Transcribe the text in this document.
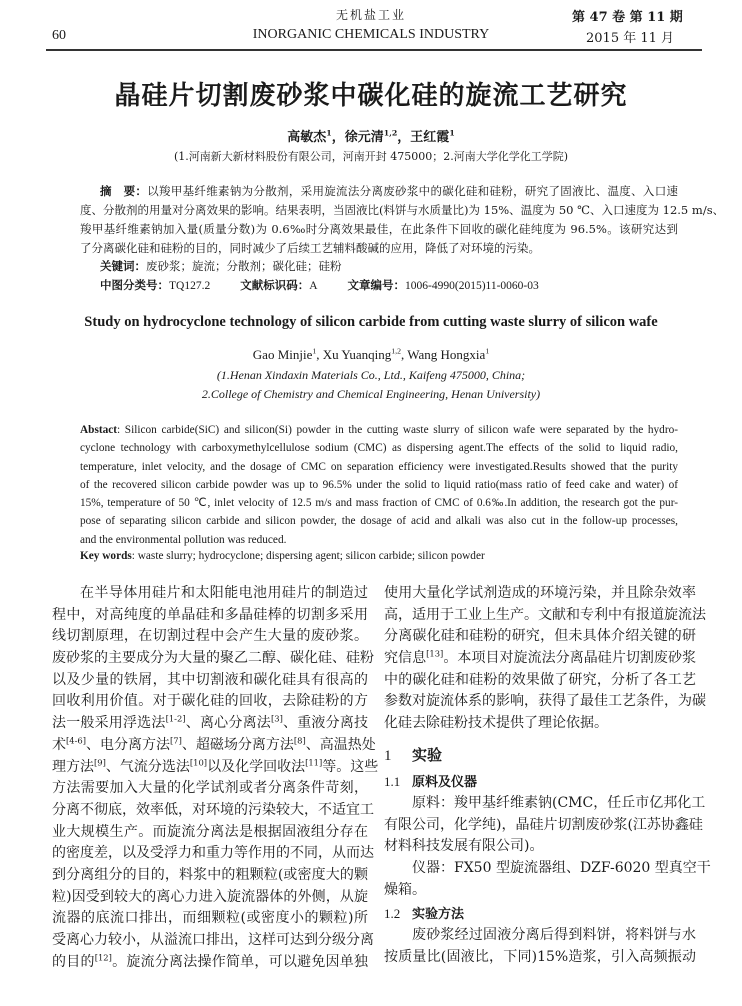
60
无机盐工业
INORGANIC CHEMICALS INDUSTRY
第 47 卷 第 11 期
2015 年 11 月
晶硅片切割废砂浆中碳化硅的旋流工艺研究
高敏杰$^1$，徐元清$^{1,2}$，王红霞$^1$
(1.河南新大新材料股份有限公司，河南开封 475000；2.河南大学化学化工学院)
摘　要：以羧甲基纤维素钠为分散剂，采用旋流法分离废砂浆中的碳化硅和硅粉，研究了固液比、温度、入口速
度、分散剂的用量对分离效果的影响。结果表明，当固液比(料饼与水质量比)为 15%、温度为 50 ℃、入口速度为 12.5 m/s、
羧甲基纤维素钠加入量(质量分数)为 0.6‰时分离效果最佳，在此条件下回收的碳化硅纯度为 96.5%。该研究达到
了分离碳化硅和硅粉的目的，同时减少了后续工艺辅料酸碱的应用，降低了对环境的污染。
关键词：废砂浆；旋流；分散剂；碳化硅；硅粉
中图分类号：TQ127.2	文献标识码：A	文章编号：1006-4990(2015)11-0060-03
Study on hydrocyclone technology of silicon carbide from cutting waste slurry of silicon wafe
Gao Minjie$^1$, Xu Yuanqing$^{1,2}$, Wang Hongxia$^1$
(1.Henan Xindaxin Materials Co., Ltd., Kaifeng 475000, China;
2.College of Chemistry and Chemical Engineering, Henan University)
Abstact: Silicon carbide(SiC) and silicon(Si) powder in the cutting waste slurry of silicon wafe were separated by the hydro-
cyclone technology with carboxymethylcellulose sodium (CMC) as dispersing agent.The effects of the solid to liquid radio,
temperature, inlet velocity, and the dosage of CMC on separation efficiency were investigated.Results showed that the purity
of the recovered silicon carbide powder was up to 96.5% under the solid to liquid ratio(mass ratio of feed cake and water) of
15%, temperature of 50 ℃, inlet velocity of 12.5 m/s and mass fraction of CMC of 0.6‰.In addition, the research got the pur-
pose of separating silicon carbide and silicon powder, the dosage of acid and alkali was also cut in the follow-up processes,
and the environmental pollution was reduced.
Key words: waste slurry; hydrocyclone; dispersing agent; silicon carbide; silicon powder
在半导体用硅片和太阳能电池用硅片的制造过
程中，对高纯度的单晶硅和多晶硅棒的切割多采用
线切割原理，在切割过程中会产生大量的废砂浆。
废砂浆的主要成分为大量的聚乙二醇、碳化硅、硅粉
以及少量的铁屑，其中切割液和碳化硅具有很高的
回收利用价值。对于碳化硅的回收，去除硅粉的方
法一般采用浮选法[1-2]、离心分离法[3]、重液分离技
术[4-6]、电分离方法[7]、超磁场分离方法[8]、高温热处
理方法[9]、气流分选法[10]以及化学回收法[11]等。这些
方法需要加入大量的化学试剂或者分离条件苛刻，
分离不彻底，效率低，对环境的污染较大，不适宜工
业大规模生产。而旋流分离法是根据固液组分存在
的密度差，以及受浮力和重力等作用的不同，从而达
到分离组分的目的，料浆中的粗颗粒(或密度大的颗
粒)因受到较大的离心力进入旋流器体的外侧，从旋
流器的底流口排出，而细颗粒(或密度小的颗粒)所
受离心力较小，从溢流口排出，这样可达到分级分离
的目的[12]。旋流分离法操作简单，可以避免因单独
使用大量化学试剂造成的环境污染，并且除杂效率
高，适用于工业上生产。文献和专利中有报道旋流法
分离碳化硅和硅粉的研究，但未具体介绍关键的研
究信息[13]。本项目对旋流法分离晶硅片切割废砂浆
中的碳化硅和硅粉的效果做了研究，分析了各工艺
参数对旋流体系的影响，获得了最佳工艺条件，为碳
化硅去除硅粉技术提供了理论依据。
1 实验
1.1 原料及仪器
原料：羧甲基纤维素钠(CMC，任丘市亿邦化工
有限公司，化学纯)，晶硅片切割废砂浆(江苏协鑫硅
材料科技发展有限公司)。
仪器：FX50 型旋流器组、DZF-6020 型真空干
燥箱。
1.2 实验方法
废砂浆经过固液分离后得到料饼，将料饼与水
按质量比(固液比，下同)15%造浆，引入高频振动
